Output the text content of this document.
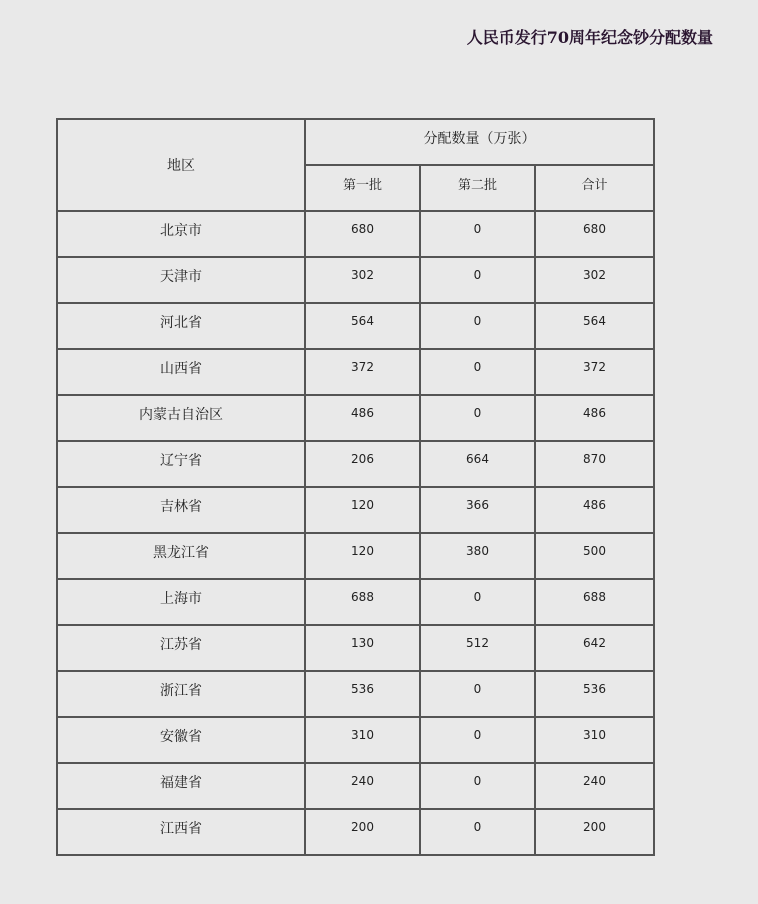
人民币发行70周年纪念钞分配数量
地区	分配数量（万张）		

	第一批	第二批	合计

北京市	680	0	680

天津市	302	0	302

河北省	564	0	564

山西省	372	0	372

内蒙古自治区	486	0	486

辽宁省	206	664	870

吉林省	120	366	486

黑龙江省	120	380	500

上海市	688	0	688

江苏省	130	512	642

浙江省	536	0	536

安徽省	310	0	310

福建省	240	0	240

江西省	200	0	200
